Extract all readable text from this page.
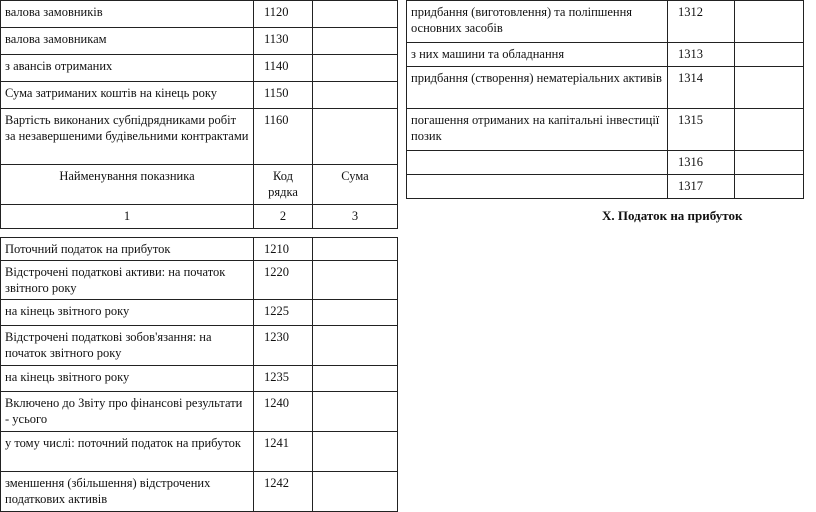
валова замовників	1120	
валова замовникам	1130	
з авансів отриманих	1140	
Сума затриманих коштів на кінець року	1150	
Вартість виконаних субпідрядниками робіт за незавершеними будівельними контрактами	1160	
Найменування показника	Код рядка	Сума
1	2	3

Поточний податок на прибуток	1210	
Відстрочені податкові активи: на початок звітного року	1220	
на кінець звітного року	1225	
Відстрочені податкові зобов'язання: на початок звітного року	1230	
на кінець звітного року	1235	
Включено до Звіту про фінансові результати - усього	1240	
у тому числі: поточний податок на прибуток	1241	
зменшення (збільшення) відстрочених податкових активів	1242	
придбання (виготовлення) та поліпшення основних засобів	1312	
з них машини та обладнання	1313	
придбання (створення) нематеріальних активів	1314	
погашення отриманих на капітальні інвестиції позик	1315	
	1316	
	1317	
X. Податок на прибуток
